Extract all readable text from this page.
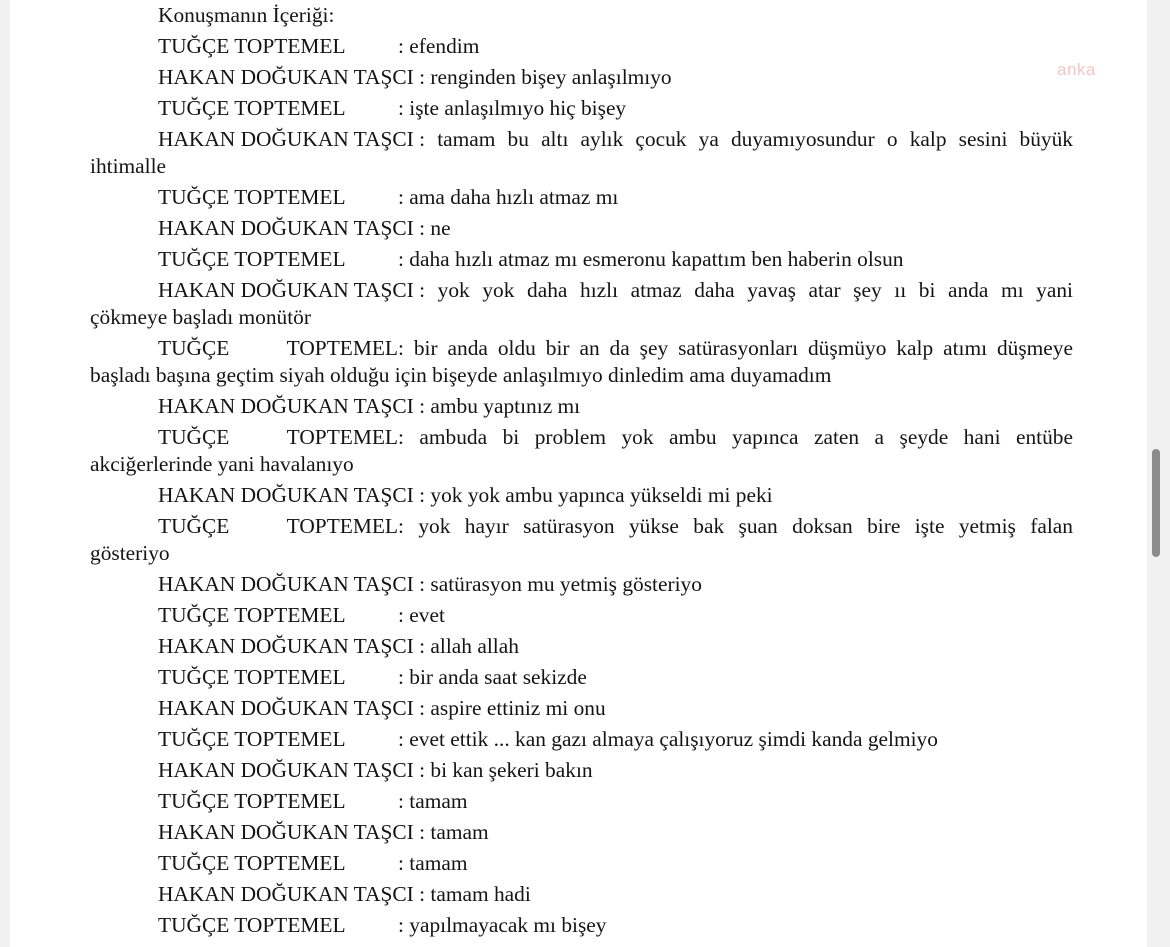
Konuşmanın İçeriği:

TUĞÇE TOPTEMEL : efendim

HAKAN DOĞUKAN TAŞCI : renginden bişey anlaşılmıyo

TUĞÇE TOPTEMEL : işte anlaşılmıyo hiç bişey

HAKAN DOĞUKAN TAŞCI : tamam bu altı aylık çocuk ya duyamıyosundur o kalp sesini büyük
ihtimalle

TUĞÇE TOPTEMEL : ama daha hızlı atmaz mı

HAKAN DOĞUKAN TAŞCI : ne

TUĞÇE TOPTEMEL : daha hızlı atmaz mı esmeronu kapattım ben haberin olsun

HAKAN DOĞUKAN TAŞCI : yok yok daha hızlı atmaz daha yavaş atar şey ıı bi anda mı yani
çökmeye başladı monütör

TUĞÇE TOPTEMEL: bir anda oldu bir an da şey satürasyonları düşmüyo kalp atımı düşmeye
başladı başına geçtim siyah olduğu için bişeyde anlaşılmıyo dinledim ama duyamadım

HAKAN DOĞUKAN TAŞCI : ambu yaptınız mı

TUĞÇE TOPTEMEL: ambuda bi problem yok ambu yapınca zaten a şeyde hani entübe
akciğerlerinde yani havalanıyo

HAKAN DOĞUKAN TAŞCI : yok yok ambu yapınca yükseldi mi peki

TUĞÇE TOPTEMEL: yok hayır satürasyon yükse bak şuan doksan bire işte yetmiş falan
gösteriyo

HAKAN DOĞUKAN TAŞCI : satürasyon mu yetmiş gösteriyo

TUĞÇE TOPTEMEL : evet

HAKAN DOĞUKAN TAŞCI : allah allah

TUĞÇE TOPTEMEL : bir anda saat sekizde

HAKAN DOĞUKAN TAŞCI : aspire ettiniz mi onu

TUĞÇE TOPTEMEL : evet ettik ... kan gazı almaya çalışıyoruz şimdi kanda gelmiyo

HAKAN DOĞUKAN TAŞCI : bi kan şekeri bakın

TUĞÇE TOPTEMEL : tamam

HAKAN DOĞUKAN TAŞCI : tamam

TUĞÇE TOPTEMEL : tamam

HAKAN DOĞUKAN TAŞCI : tamam hadi

TUĞÇE TOPTEMEL : yapılmayacak mı bişey

anka
